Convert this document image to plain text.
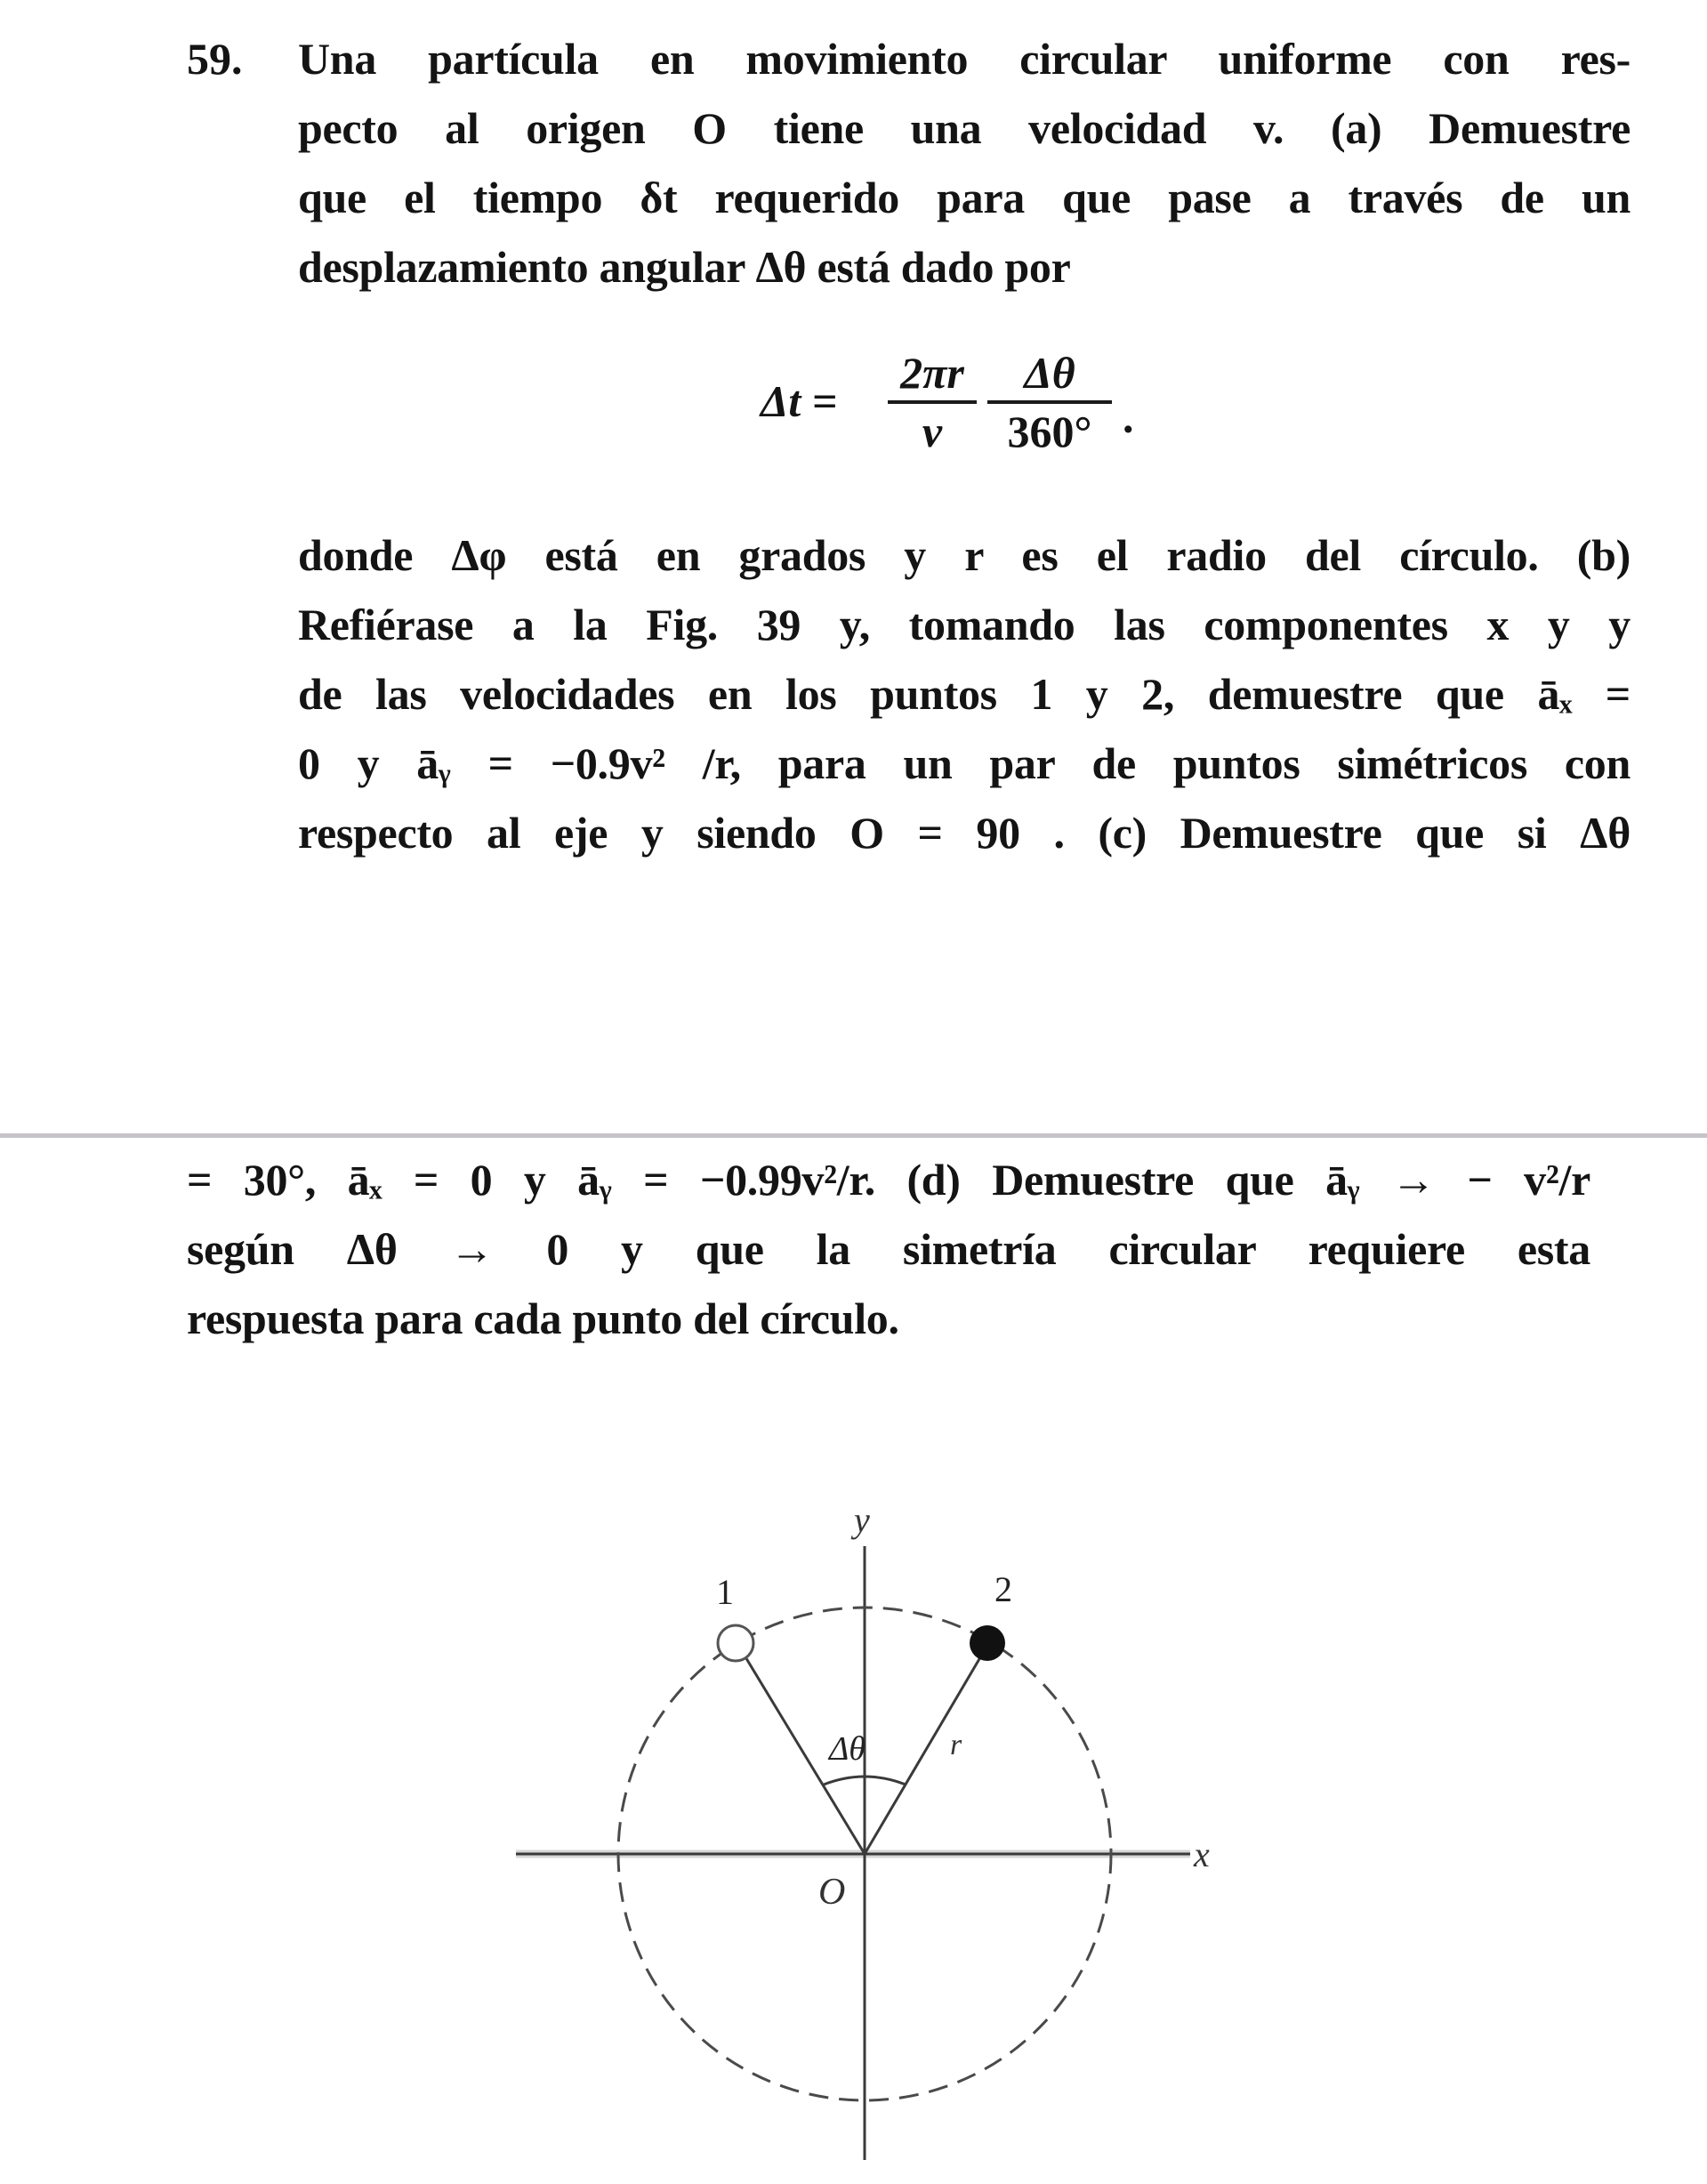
59. Una partícula en movimiento circular uniforme con res-
pecto al origen O tiene una velocidad v. (a) Demuestre
que el tiempo δt requerido para que pase a través de un
desplazamiento angular Δθ está dado por
Δt =
2πr
v
Δθ
360° .
donde Δφ está en grados y r es el radio del círculo. (b)
Refiérase a la Fig. 39 y, tomando las componentes x y y
de las velocidades en los puntos 1 y 2, demuestre que āₓ =
0 y āᵧ = −0.9v² /r, para un par de puntos simétricos con
respecto al eje y siendo O = 90 . (c) Demuestre que si Δθ
= 30°, āₓ = 0 y āᵧ = −0.99v²/r. (d) Demuestre que āᵧ → − v²/r
según Δθ → 0 y que la simetría circular requiere esta
respuesta para cada punto del círculo.
y
x
O
1	2
Δθ	r
